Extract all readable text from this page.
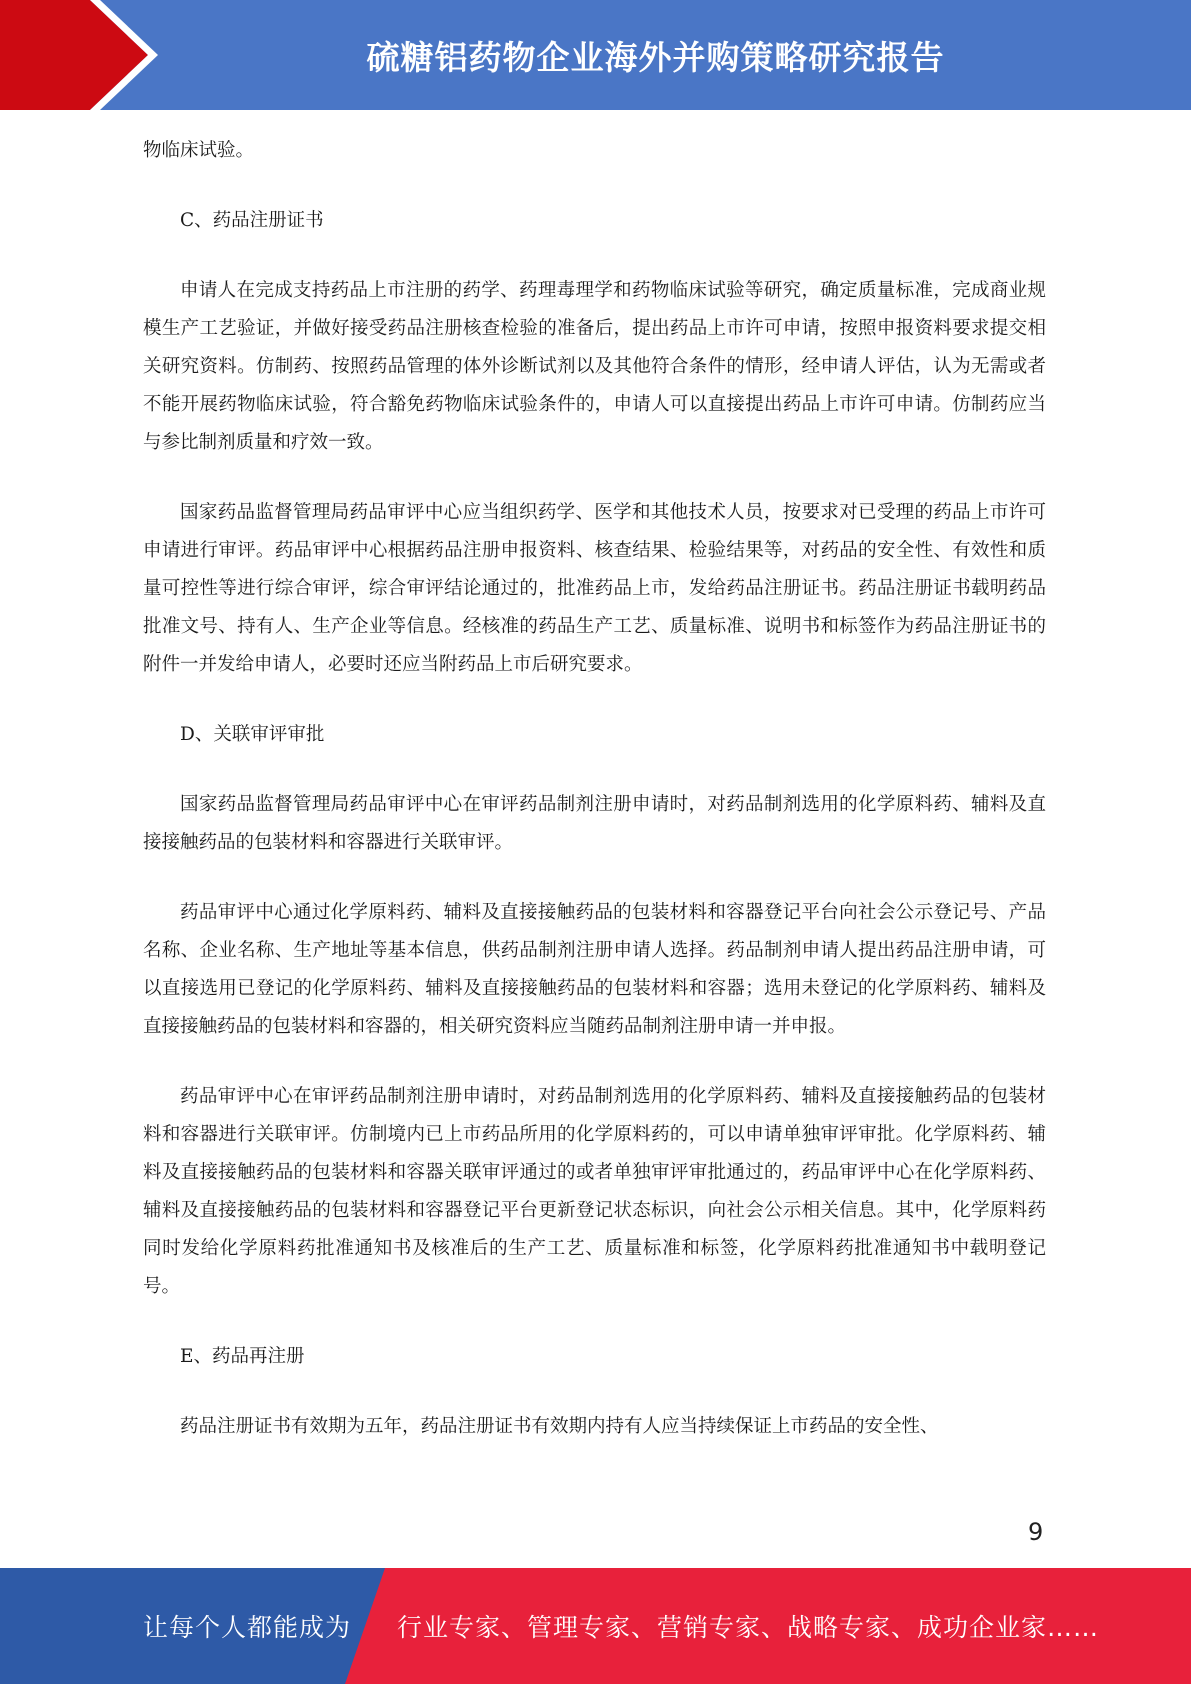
硫糖铝药物企业海外并购策略研究报告

物临床试验。

C、药品注册证书

申请人在完成支持药品上市注册的药学、药理毒理学和药物临床试验等研究，确定质量标准，完成商业规模生产工艺验证，并做好接受药品注册核查检验的准备后，提出药品上市许可申请，按照申报资料要求提交相关研究资料。仿制药、按照药品管理的体外诊断试剂以及其他符合条件的情形，经申请人评估，认为无需或者不能开展药物临床试验，符合豁免药物临床试验条件的，申请人可以直接提出药品上市许可申请。仿制药应当与参比制剂质量和疗效一致。

国家药品监督管理局药品审评中心应当组织药学、医学和其他技术人员，按要求对已受理的药品上市许可申请进行审评。药品审评中心根据药品注册申报资料、核查结果、检验结果等，对药品的安全性、有效性和质量可控性等进行综合审评，综合审评结论通过的，批准药品上市，发给药品注册证书。药品注册证书载明药品批准文号、持有人、生产企业等信息。经核准的药品生产工艺、质量标准、说明书和标签作为药品注册证书的附件一并发给申请人，必要时还应当附药品上市后研究要求。

D、关联审评审批

国家药品监督管理局药品审评中心在审评药品制剂注册申请时，对药品制剂选用的化学原料药、辅料及直接接触药品的包装材料和容器进行关联审评。

药品审评中心通过化学原料药、辅料及直接接触药品的包装材料和容器登记平台向社会公示登记号、产品名称、企业名称、生产地址等基本信息，供药品制剂注册申请人选择。药品制剂申请人提出药品注册申请，可以直接选用已登记的化学原料药、辅料及直接接触药品的包装材料和容器；选用未登记的化学原料药、辅料及直接接触药品的包装材料和容器的，相关研究资料应当随药品制剂注册申请一并申报。

药品审评中心在审评药品制剂注册申请时，对药品制剂选用的化学原料药、辅料及直接接触药品的包装材料和容器进行关联审评。仿制境内已上市药品所用的化学原料药的，可以申请单独审评审批。化学原料药、辅料及直接接触药品的包装材料和容器关联审评通过的或者单独审评审批通过的，药品审评中心在化学原料药、辅料及直接接触药品的包装材料和容器登记平台更新登记状态标识，向社会公示相关信息。其中，化学原料药同时发给化学原料药批准通知书及核准后的生产工艺、质量标准和标签，化学原料药批准通知书中载明登记号。

E、药品再注册

药品注册证书有效期为五年，药品注册证书有效期内持有人应当持续保证上市药品的安全性、

9
让每个人都能成为 行业专家、管理专家、营销专家、战略专家、成功企业家……
